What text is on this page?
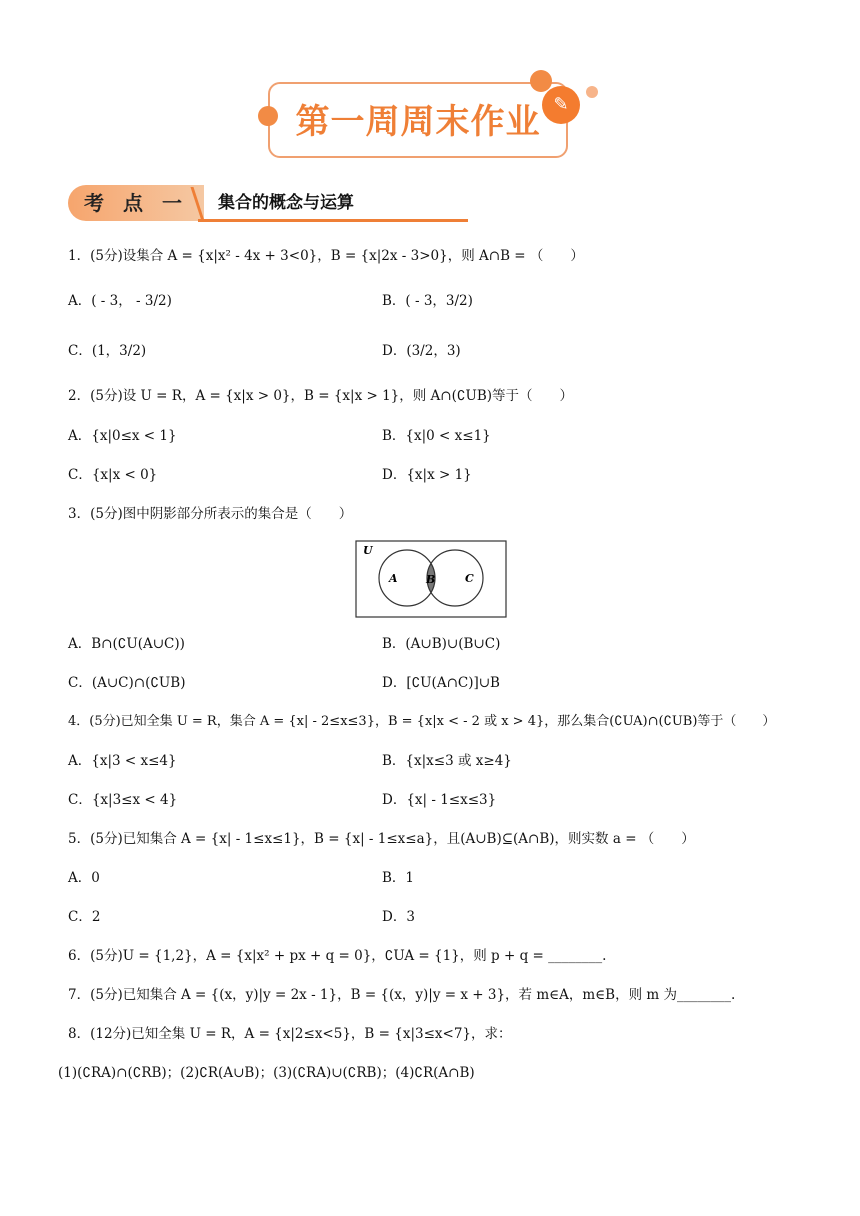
第一周周末作业 ✎
考 点 一	集合的概念与运算
1．(5分)设集合 A = {x|x² - 4x + 3<0}，B = {x|2x - 3>0}，则 A∩B = （　　）
A．( - 3， - 3/2)	B．( - 3，3/2)
C．(1，3/2)	D．(3/2，3)
2．(5分)设 U = R，A = {x|x > 0}，B = {x|x > 1}，则 A∩(∁UB)等于（　　）
A．{x|0≤x < 1}	B．{x|0 < x≤1}
C．{x|x < 0}	D．{x|x > 1}
3．(5分)图中阴影部分所表示的集合是（　　）
U
A	B	C
A．B∩(∁U(A∪C))	B．(A∪B)∪(B∪C)
C．(A∪C)∩(∁UB)	D．[∁U(A∩C)]∪B
4．(5分)已知全集 U = R，集合 A = {x| - 2≤x≤3}，B = {x|x < - 2 或 x > 4}，那么集合(∁UA)∩(∁UB)等于（　　）
A．{x|3 < x≤4}	B．{x|x≤3 或 x≥4}
C．{x|3≤x < 4}	D．{x| - 1≤x≤3}
5．(5分)已知集合 A = {x| - 1≤x≤1}，B = {x| - 1≤x≤a}，且(A∪B)⊆(A∩B)，则实数 a = （　　）
A．0	B．1
C．2	D．3
6．(5分)U = {1,2}，A = {x|x² + px + q = 0}，∁UA = {1}，则 p + q = ________.
7．(5分)已知集合 A = {(x，y)|y = 2x - 1}，B = {(x，y)|y = x + 3}，若 m∈A，m∈B，则 m 为________.
8．(12分)已知全集 U = R，A = {x|2≤x<5}，B = {x|3≤x<7}，求：
(1)(∁RA)∩(∁RB)；(2)∁R(A∪B)；(3)(∁RA)∪(∁RB)；(4)∁R(A∩B)
